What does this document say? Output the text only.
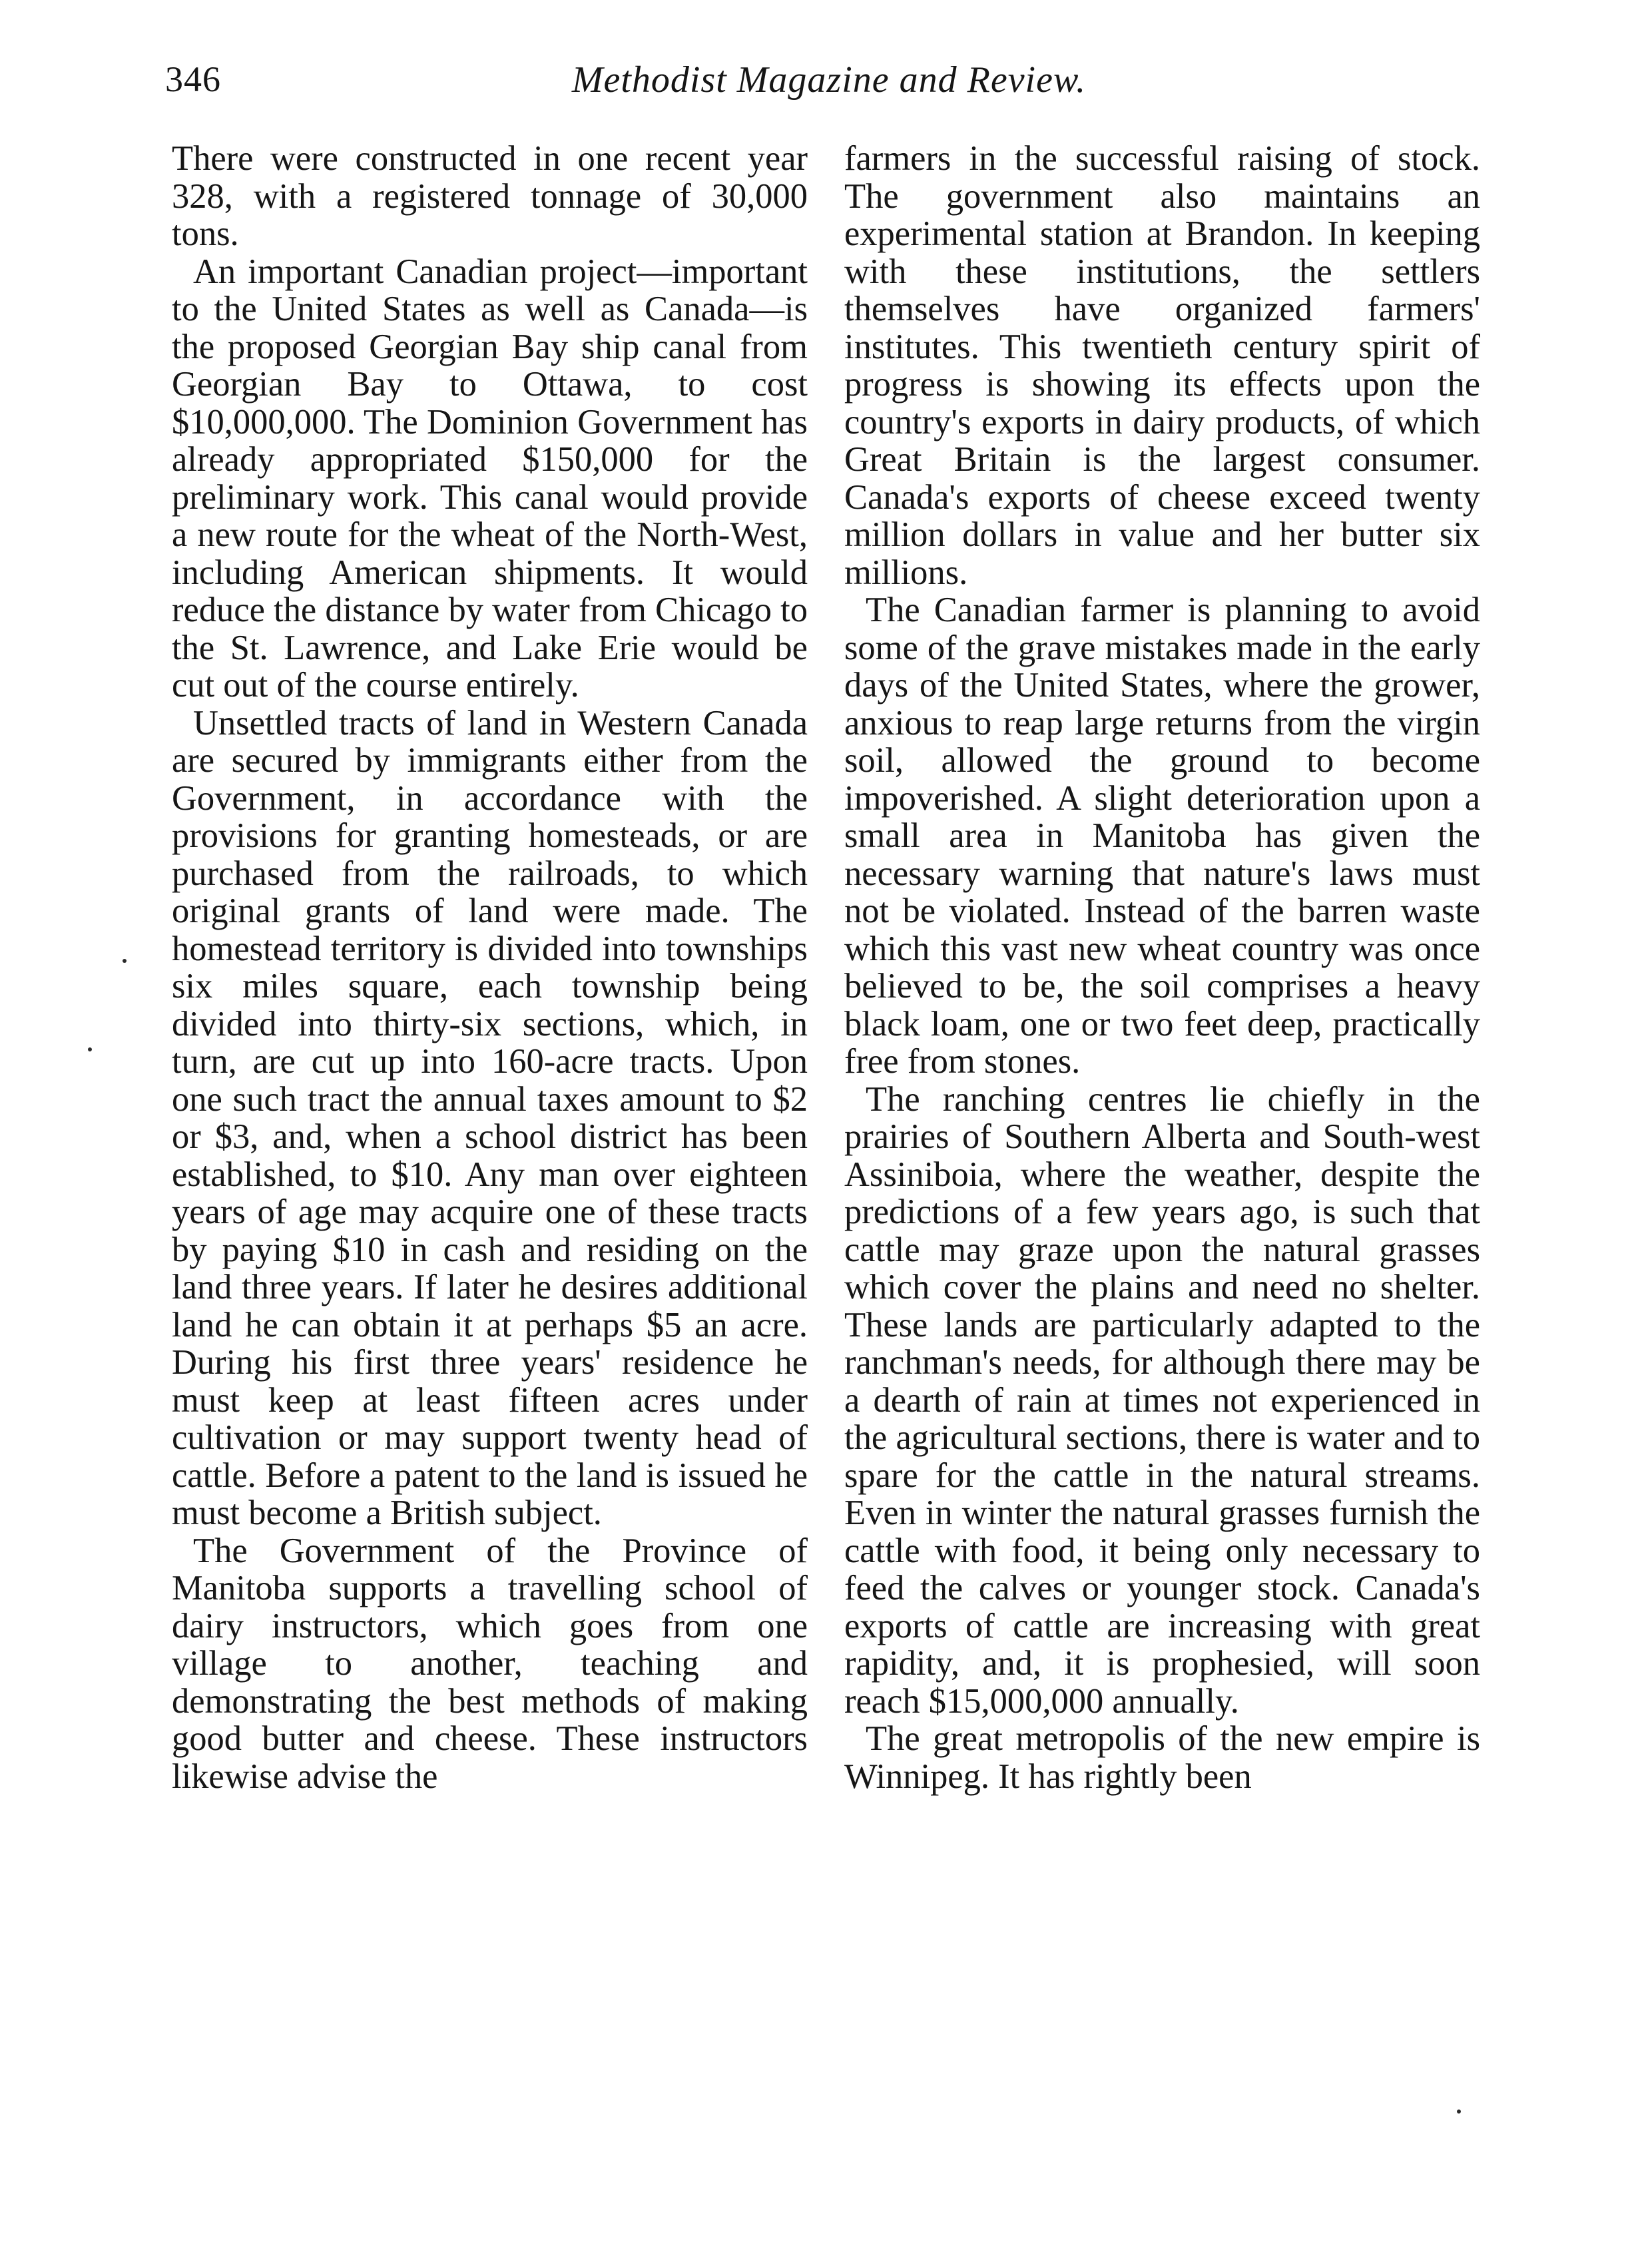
346	Methodist Magazine and Review.

There were constructed in one recent year 328, with a registered tonnage of 30,000 tons.

An important Canadian project—important to the United States as well as Canada—is the proposed Georgian Bay ship canal from Georgian Bay to Ottawa, to cost $10,000,000. The Dominion Government has already appropriated $150,000 for the preliminary work. This canal would provide a new route for the wheat of the North-West, including American shipments. It would reduce the distance by water from Chicago to the St. Lawrence, and Lake Erie would be cut out of the course entirely.

Unsettled tracts of land in Western Canada are secured by immigrants either from the Government, in accordance with the provisions for granting homesteads, or are purchased from the railroads, to which original grants of land were made. The homestead territory is divided into townships six miles square, each township being divided into thirty-six sections, which, in turn, are cut up into 160-acre tracts. Upon one such tract the annual taxes amount to $2 or $3, and, when a school district has been established, to $10. Any man over eighteen years of age may acquire one of these tracts by paying $10 in cash and residing on the land three years. If later he desires additional land he can obtain it at perhaps $5 an acre. During his first three years' residence he must keep at least fifteen acres under cultivation or may support twenty head of cattle. Before a patent to the land is issued he must become a British subject.

The Government of the Province of Manitoba supports a travelling school of dairy instructors, which goes from one village to another, teaching and demonstrating the best methods of making good butter and cheese. These instructors likewise advise the

farmers in the successful raising of stock. The government also maintains an experimental station at Brandon. In keeping with these institutions, the settlers themselves have organized farmers' institutes. This twentieth century spirit of progress is showing its effects upon the country's exports in dairy products, of which Great Britain is the largest consumer. Canada's exports of cheese exceed twenty million dollars in value and her butter six millions.

The Canadian farmer is planning to avoid some of the grave mistakes made in the early days of the United States, where the grower, anxious to reap large returns from the virgin soil, allowed the ground to become impoverished. A slight deterioration upon a small area in Manitoba has given the necessary warning that nature's laws must not be violated. Instead of the barren waste which this vast new wheat country was once believed to be, the soil comprises a heavy black loam, one or two feet deep, practically free from stones.

The ranching centres lie chiefly in the prairies of Southern Alberta and South-west Assiniboia, where the weather, despite the predictions of a few years ago, is such that cattle may graze upon the natural grasses which cover the plains and need no shelter. These lands are particularly adapted to the ranchman's needs, for although there may be a dearth of rain at times not experienced in the agricultural sections, there is water and to spare for the cattle in the natural streams. Even in winter the natural grasses furnish the cattle with food, it being only necessary to feed the calves or younger stock. Canada's exports of cattle are increasing with great rapidity, and, it is prophesied, will soon reach $15,000,000 annually.

The great metropolis of the new empire is Winnipeg. It has rightly been
